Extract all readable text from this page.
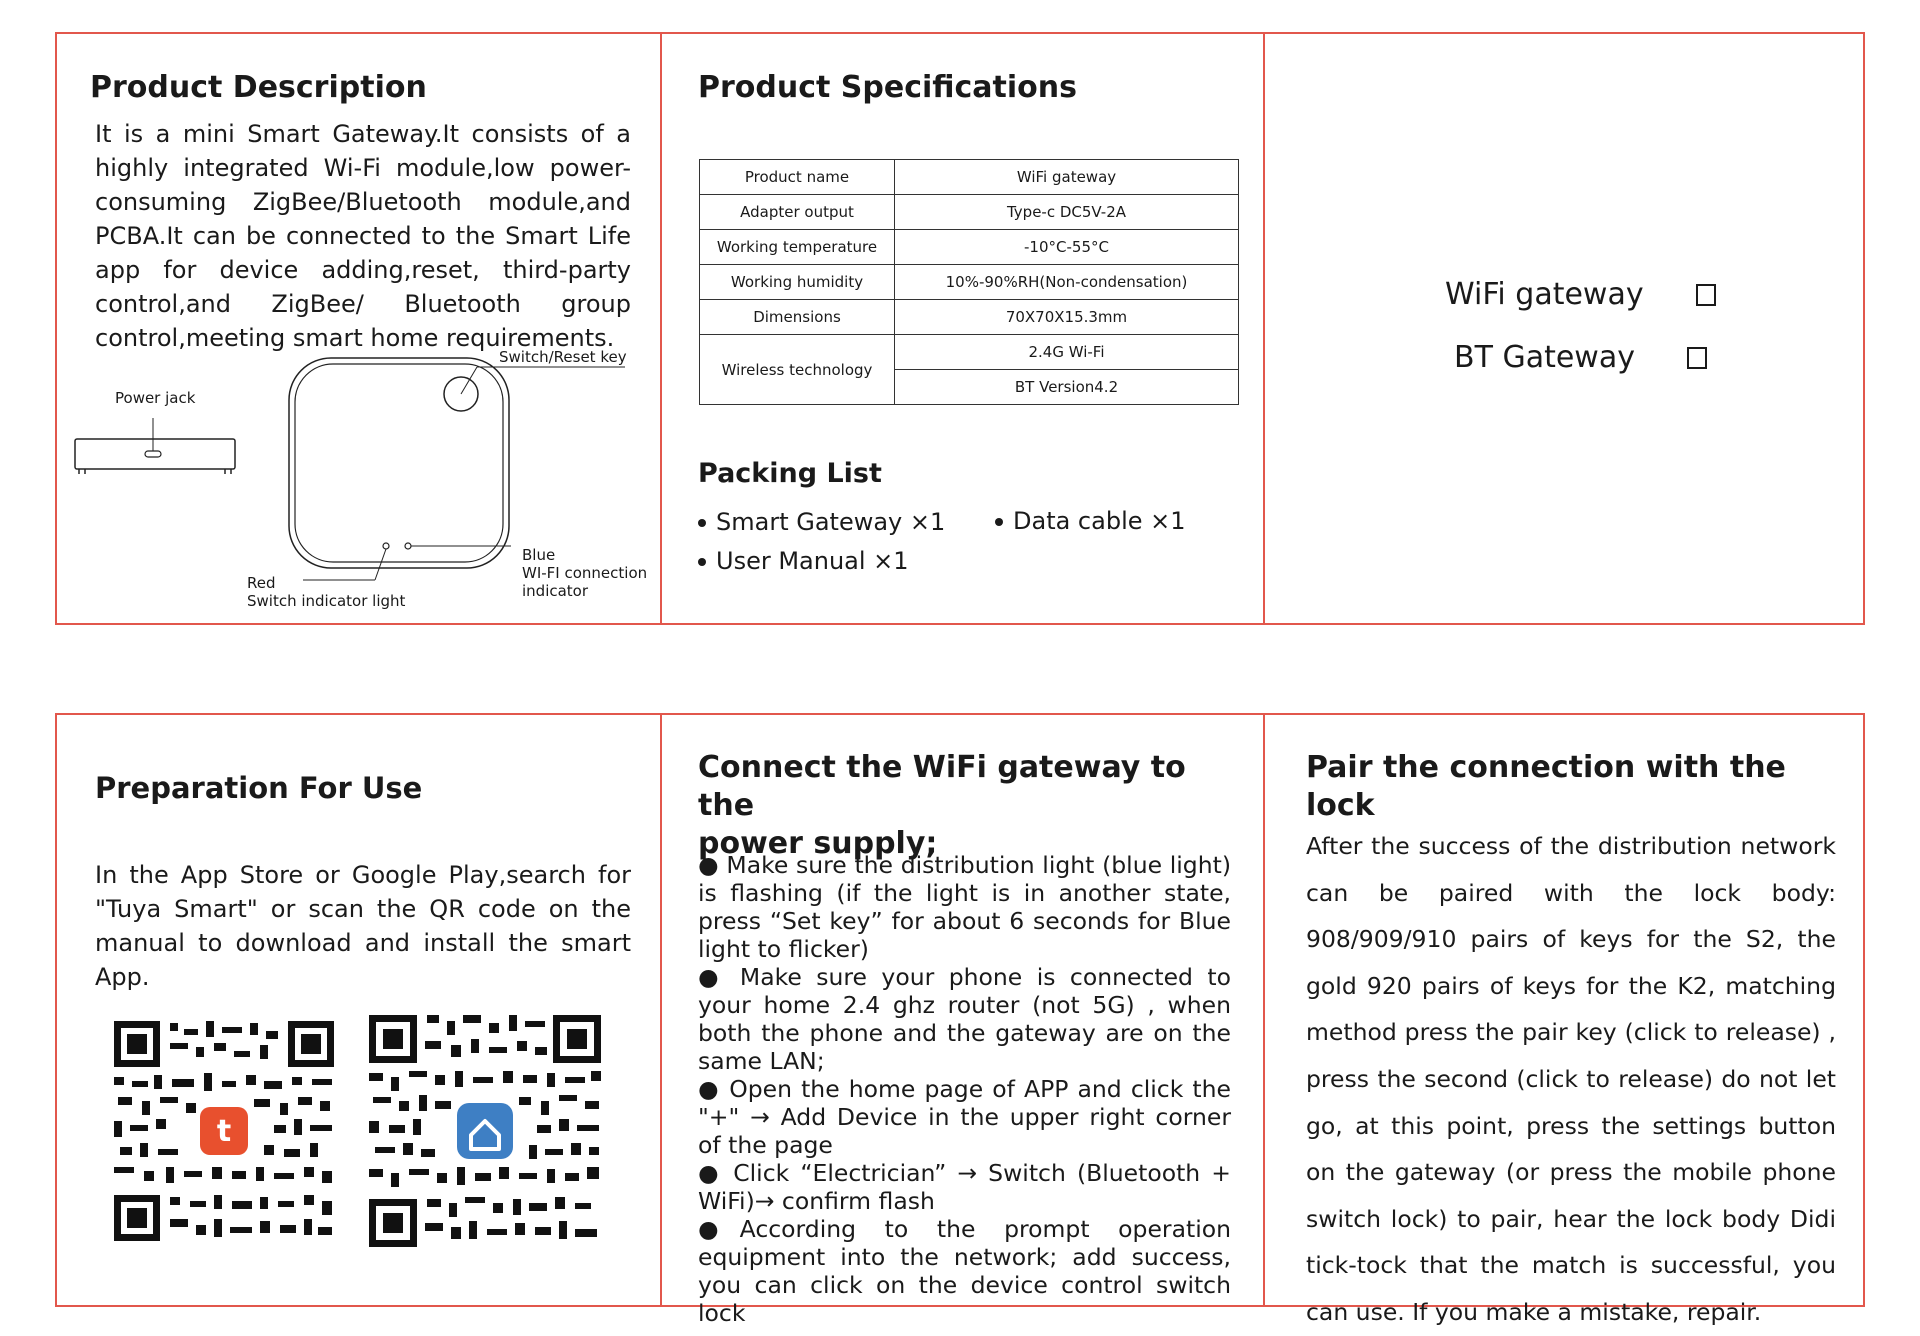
Product Description

It is a mini Smart Gateway.It consists of a highly integrated Wi-Fi module,low power-consuming ZigBee/Bluetooth module,and PCBA.It can be connected to the Smart Life app for device adding,reset, third-party control,and ZigBee/ Bluetooth group control,meeting smart home requirements.

Power jack
Switch/Reset key
Red
Switch indicator light
Blue
WI-FI connection
indicator
Product Specifications
Product name	WiFi gateway
Adapter output	Type-c DC5V-2A
Working temperature	-10°C-55°C
Working humidity	10%-90%RH(Non-condensation)
Dimensions	70X70X15.3mm
Wireless technology	2.4G Wi-Fi
	BT Version4.2
Packing List
Smart Gateway ×1	Data cable ×1
User Manual ×1
WiFi gateway
BT Gateway
Preparation For Use

In the App Store or Google Play,search for "Tuya Smart" or scan the QR code on the manual to download and install the smart App.

t
Connect the WiFi gateway to the
power supply;

● Make sure the distribution light (blue light) is flashing (if the light is in another state, press “Set key” for about 6 seconds for Blue light to flicker)

● Make sure your phone is connected to your home 2.4 ghz router (not 5G) , when both the phone and the gateway are on the same LAN;

● Open the home page of APP and click the "+" → Add Device in the upper right corner of the page

● Click “Electrician” → Switch (Bluetooth + WiFi)→ confirm flash

●According to the prompt operation equipment into the network; add success, you can click on the device control switch lock

Pair the connection with the lock

After the success of the distribution network can be paired with the lock body: 908/909/910 pairs of keys for the S2, the gold 920 pairs of keys for the K2, matching method press the pair key (click to release) , press the second (click to release) do not let go, at this point, press the settings button on the gateway (or press the mobile phone switch lock) to pair, hear the lock body Didi tick-tock that the match is successful, you can use. If you make a mistake, repair.
